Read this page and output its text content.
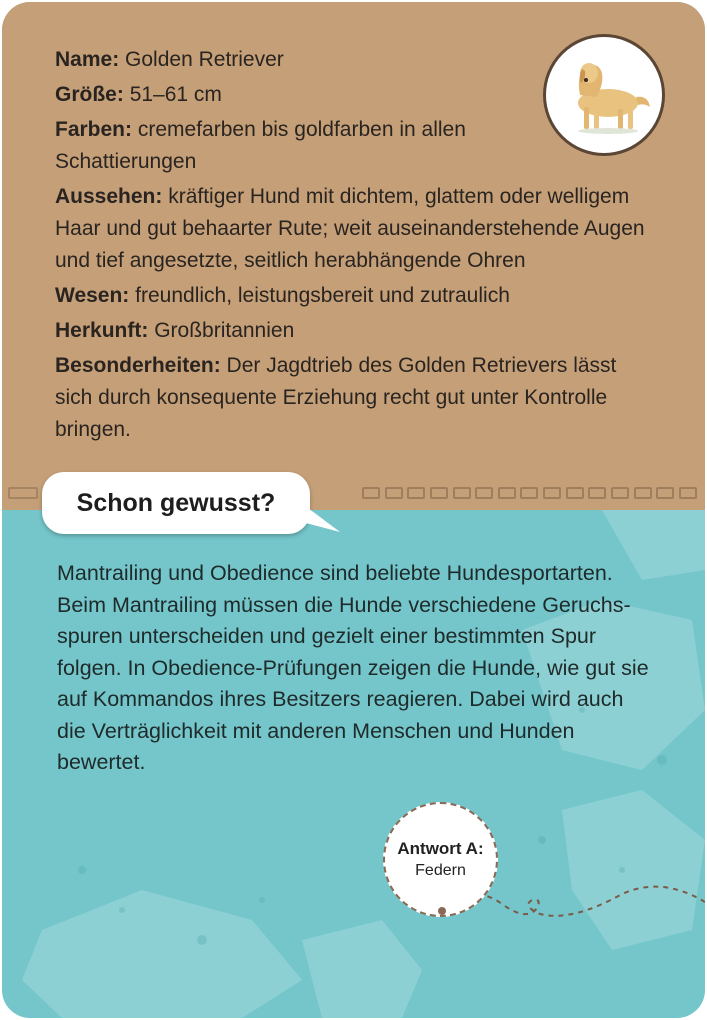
Name: Golden Retriever
Größe: 51–61 cm
Farben: cremefarben bis goldfarben in allen Schattierungen
Aussehen: kräftiger Hund mit dichtem, glattem oder welligem Haar und gut behaarter Rute; weit auseinanderstehende Augen und tief angesetzte, seitlich herabhängende Ohren
Wesen: freundlich, leistungsbereit und zutraulich
Herkunft: Großbritannien
Besonderheiten: Der Jagdtrieb des Golden Retrievers lässt sich durch konsequente Erziehung recht gut unter Kontrolle bringen.
Schon gewusst?
Mantrailing und Obedience sind beliebte Hundesportarten. Beim Mantrailing müssen die Hunde verschiedene Geruchsspuren unterscheiden und gezielt einer bestimmten Spur folgen. In Obedience-Prüfungen zeigen die Hunde, wie gut sie auf Kommandos ihres Besitzers reagieren. Dabei wird auch die Verträglichkeit mit anderen Menschen und Hunden bewertet.
Antwort A:
Federn
